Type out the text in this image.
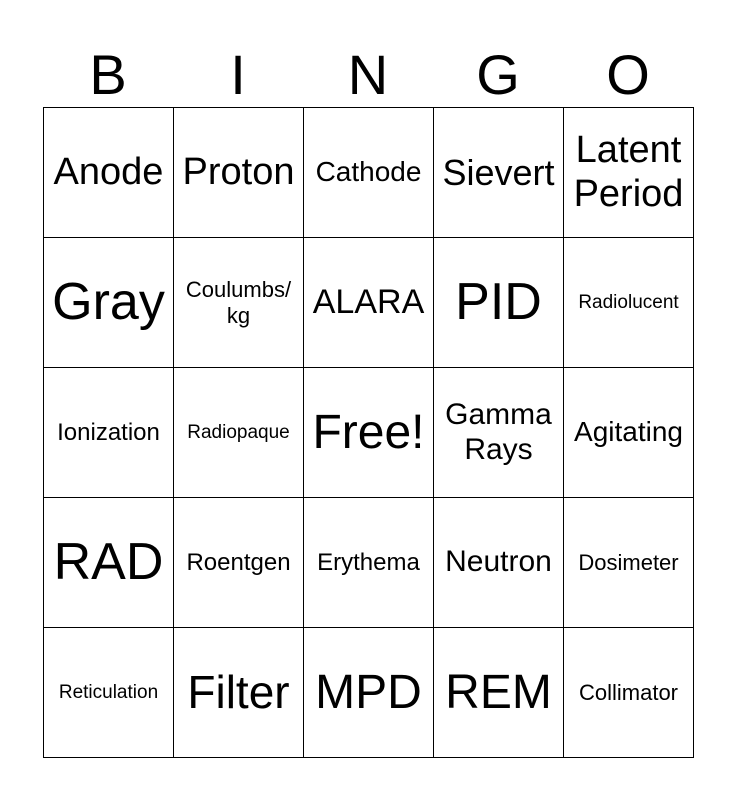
B	I	N	G	O
Anode	Proton	Cathode	Sievert	Latent Period
Gray	Coulumbs/ kg	ALARA	PID	Radiolucent
Ionization	Radiopaque	Free!	Gamma Rays	Agitating
RAD	Roentgen	Erythema	Neutron	Dosimeter
Reticulation	Filter	MPD	REM	Collimator
